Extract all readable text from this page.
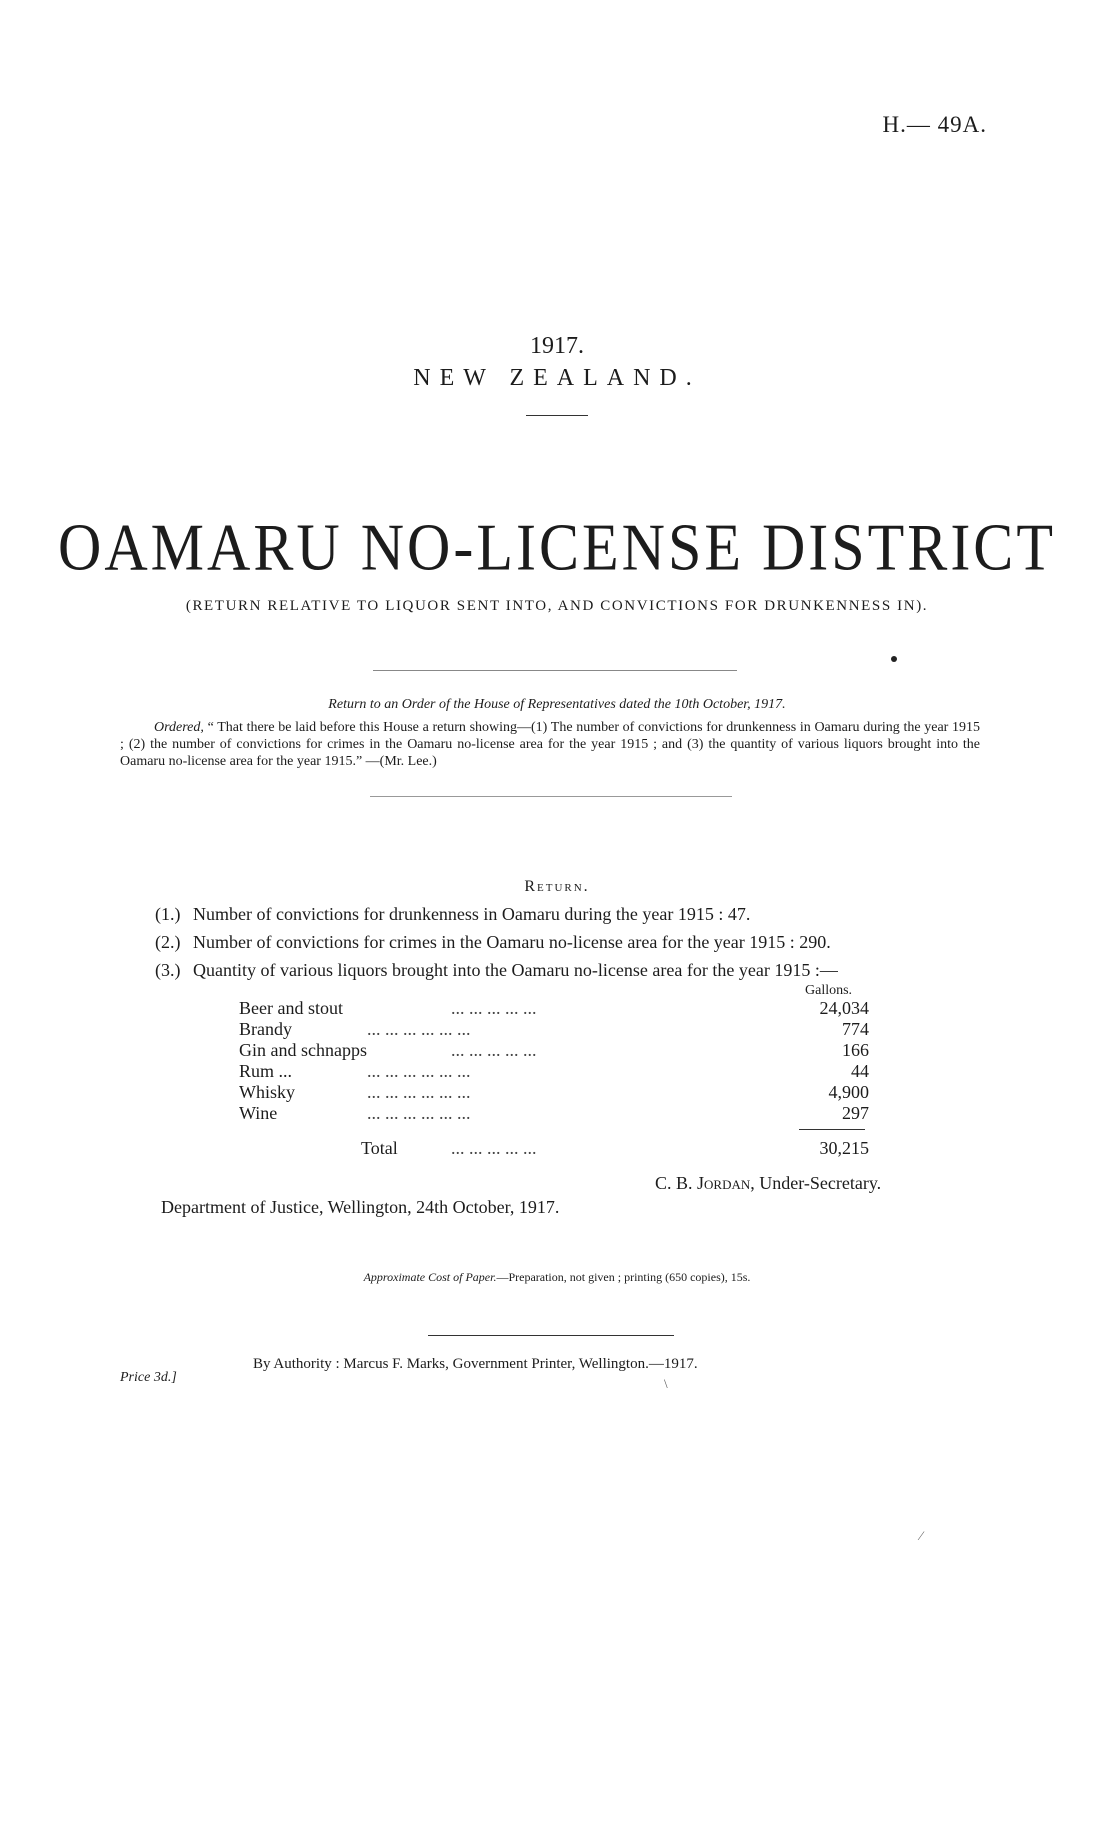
H.— 49A.
1917.
NEW ZEALAND.
OAMARU NO-LICENSE DISTRICT
(RETURN RELATIVE TO LIQUOR SENT INTO, AND CONVICTIONS FOR DRUNKENNESS IN).
Return to an Order of the House of Representatives dated the 10th October, 1917.
Ordered, “ That there be laid before this House a return showing—(1) The number of convictions for drunkenness in Oamaru during the year 1915 ; (2) the number of convictions for crimes in the Oamaru no-license area for the year 1915 ; and (3) the quantity of various liquors brought into the Oamaru no-license area for the year 1915.” —(Mr. Lee.)
Return.
(1.) Number of convictions for drunkenness in Oamaru during the year 1915 : 47.
(2.) Number of convictions for crimes in the Oamaru no-license area for the year 1915 : 290.
(3.) Quantity of various liquors brought into the Oamaru no-license area for the year 1915 :—
Gallons.
Beer and stout	... ... ... ... ...	24,034
Brandy	... ... ... ... ... ...	774
Gin and schnapps	... ... ... ... ...	166
Rum ...	... ... ... ... ... ...	44
Whisky	... ... ... ... ... ...	4,900
Wine	... ... ... ... ... ...	297
Total	... ... ... ... ...	30,215
C. B. Jordan, Under-Secretary.
Department of Justice, Wellington, 24th October, 1917.
Approximate Cost of Paper.—Preparation, not given ; printing (650 copies), 15s.
By Authority : Marcus F. Marks, Government Printer, Wellington.—1917.
Price 3d.]	\
⁄
